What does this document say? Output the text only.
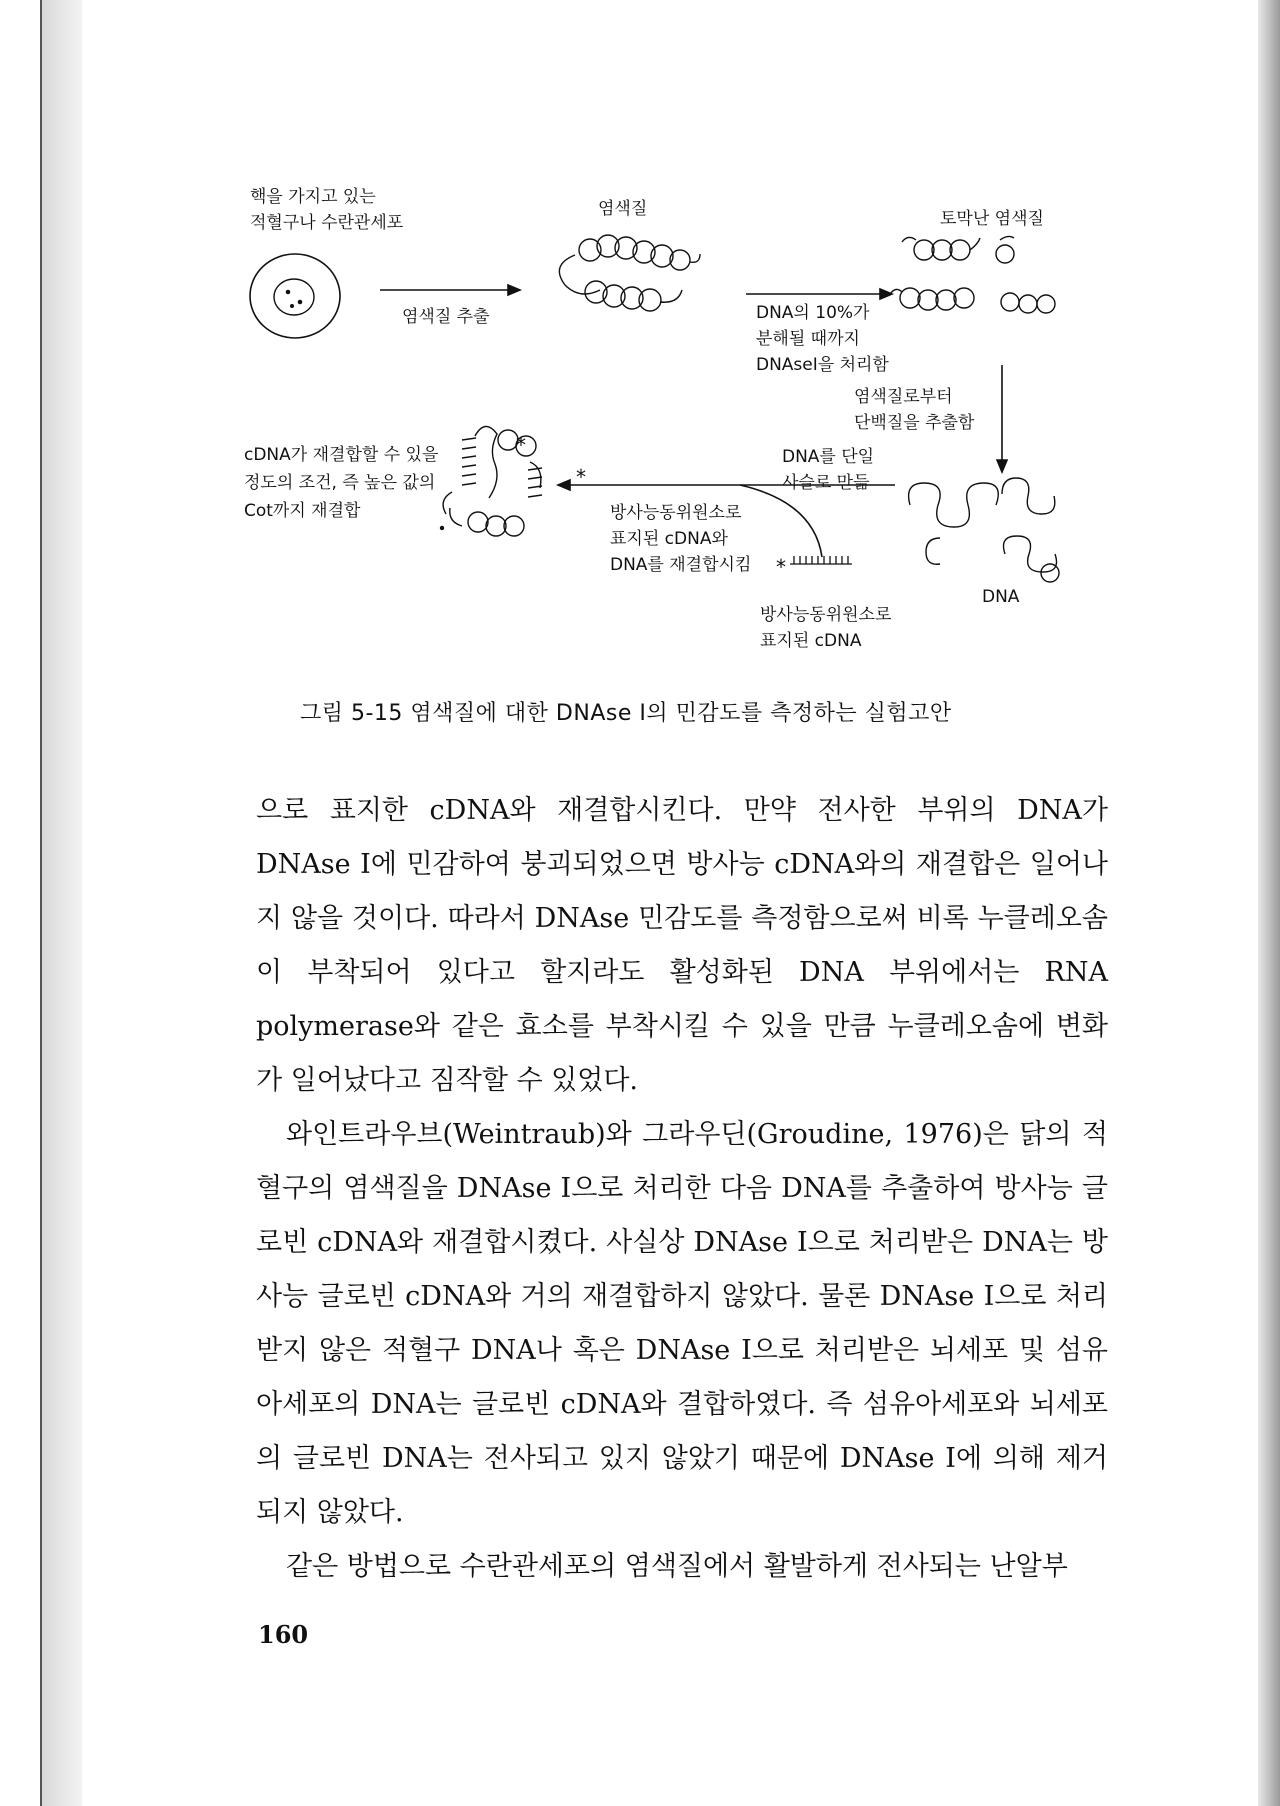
핵을 가지고 있는
적혈구나 수란관세포
염색질
염색질 추출
토막난 염색질
DNA의 10%가
분해될 때까지
DNAseI을 처리함
염색질로부터
단백질을 추출함
DNA를 단일
사슬로 만듦
DNA
cDNA가 재결합할 수 있을
정도의 조건, 즉 높은 값의
Cot까지 재결합	방사능동위원소로
표지된 cDNA와
DNA를 재결합시킴
방사능동위원소로
표지된 cDNA
*
*
*
그림 5-15 염색질에 대한 DNAse I의 민감도를 측정하는 실험고안

으로 표지한 cDNA와 재결합시킨다. 만약 전사한 부위의 DNA가 DNAse I에 민감하여 붕괴되었으면 방사능 cDNA와의 재결합은 일어나지 않을 것이다. 따라서 DNAse 민감도를 측정함으로써 비록 누클레오솜이 부착되어 있다고 할지라도 활성화된 DNA 부위에서는 RNA polymerase와 같은 효소를 부착시킬 수 있을 만큼 누클레오솜에 변화가 일어났다고 짐작할 수 있었다.

와인트라우브(Weintraub)와 그라우딘(Groudine, 1976)은 닭의 적혈구의 염색질을 DNAse I으로 처리한 다음 DNA를 추출하여 방사능 글로빈 cDNA와 재결합시켰다. 사실상 DNAse I으로 처리받은 DNA는 방사능 글로빈 cDNA와 거의 재결합하지 않았다. 물론 DNAse I으로 처리받지 않은 적혈구 DNA나 혹은 DNAse I으로 처리받은 뇌세포 및 섬유아세포의 DNA는 글로빈 cDNA와 결합하였다. 즉 섬유아세포와 뇌세포의 글로빈 DNA는 전사되고 있지 않았기 때문에 DNAse I에 의해 제거되지 않았다.

같은 방법으로 수란관세포의 염색질에서 활발하게 전사되는 난알부

160
